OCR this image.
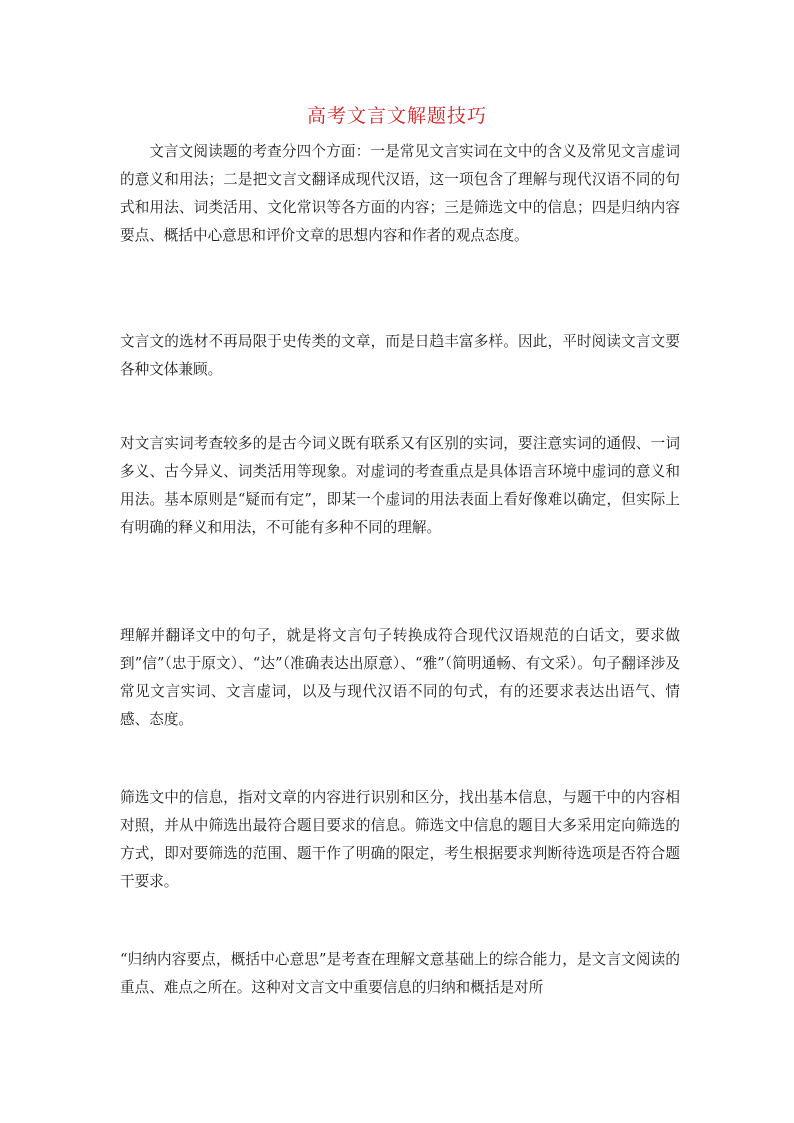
高考文言文解题技巧

文言文阅读题的考查分四个方面：一是常见文言实词在文中的含义及常见文言虚词的意义和用法；二是把文言文翻译成现代汉语，这一项包含了理解与现代汉语不同的句式和用法、词类活用、文化常识等各方面的内容；三是筛选文中的信息；四是归纳内容要点、概括中心意思和评价文章的思想内容和作者的观点态度。

文言文的选材不再局限于史传类的文章，而是日趋丰富多样。因此，平时阅读文言文要各种文体兼顾。

对文言实词考查较多的是古今词义既有联系又有区别的实词，要注意实词的通假、一词多义、古今异义、词类活用等现象。对虚词的考查重点是具体语言环境中虚词的意义和用法。基本原则是“疑而有定”，即某一个虚词的用法表面上看好像难以确定，但实际上有明确的释义和用法，不可能有多种不同的理解。

理解并翻译文中的句子，就是将文言句子转换成符合现代汉语规范的白话文，要求做到”信”（忠于原文）、“达”（准确表达出原意）、“雅”（简明通畅、有文采）。句子翻译涉及常见文言实词、文言虚词，以及与现代汉语不同的句式，有的还要求表达出语气、情感、态度。

筛选文中的信息，指对文章的内容进行识别和区分，找出基本信息，与题干中的内容相对照，并从中筛选出最符合题目要求的信息。筛选文中信息的题目大多采用定向筛选的方式，即对要筛选的范围、题干作了明确的限定，考生根据要求判断待选项是否符合题干要求。

“归纳内容要点，概括中心意思”是考查在理解文意基础上的综合能力，是文言文阅读的重点、难点之所在。这种对文言文中重要信息的归纳和概括是对所
